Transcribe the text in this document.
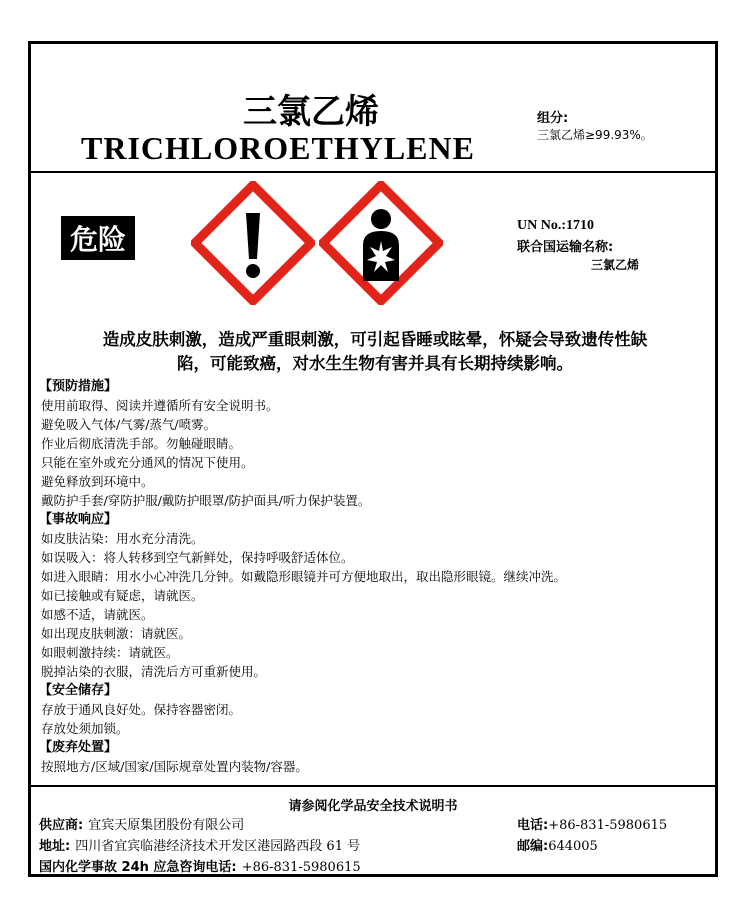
三氯乙烯
TRICHLOROETHYLENE
组分:
三氯乙烯≥99.93%。
危险	UN No.:1710
联合国运输名称:
三氯乙烯
造成皮肤刺激，造成严重眼刺激，可引起昏睡或眩晕，怀疑会导致遗传性缺
陷，可能致癌，对水生生物有害并具有长期持续影响。
【预防措施】
使用前取得、阅读并遵循所有安全说明书。
避免吸入气体/气雾/蒸气/喷雾。
作业后彻底清洗手部。勿触碰眼睛。
只能在室外或充分通风的情况下使用。
避免释放到环境中。
戴防护手套/穿防护服/戴防护眼罩/防护面具/听力保护装置。
【事故响应】
如皮肤沾染：用水充分清洗。
如误吸入：将人转移到空气新鲜处，保持呼吸舒适体位。
如进入眼睛：用水小心冲洗几分钟。如戴隐形眼镜并可方便地取出，取出隐形眼镜。继续冲洗。
如已接触或有疑虑，请就医。
如感不适，请就医。
如出现皮肤刺激：请就医。
如眼刺激持续：请就医。
脱掉沾染的衣服，清洗后方可重新使用。
【安全储存】
存放于通风良好处。保持容器密闭。
存放处须加锁。
【废弃处置】
按照地方/区域/国家/国际规章处置内装物/容器。
请参阅化学品安全技术说明书
供应商: 宜宾天原集团股份有限公司	电话:+86-831-5980615
地址: 四川省宜宾临港经济技术开发区港园路西段 61 号	邮编:644005
国内化学事故 24h 应急咨询电话: +86-831-5980615
